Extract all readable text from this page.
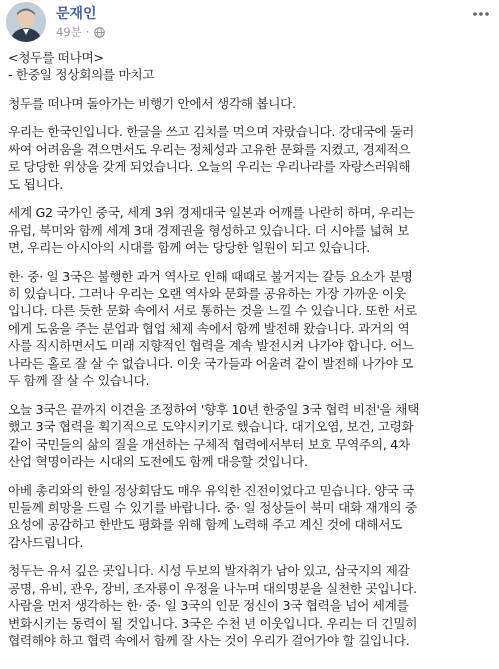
문재인
49분 ·

<청두를 떠나며>
- 한중일 정상회의를 마치고

청두를 떠나며 돌아가는 비행기 안에서 생각해 봅니다.

우리는 한국인입니다. 한글을 쓰고 김치를 먹으며 자랐습니다. 강대국에 둘러
싸여 어려움을 겪으면서도 우리는 정체성과 고유한 문화를 지켰고, 경제적으
로 당당한 위상을 갖게 되었습니다. 오늘의 우리는 우리나라를 자랑스러워해
도 됩니다.

세계 G2 국가인 중국, 세계 3위 경제대국 일본과 어깨를 나란히 하며, 우리는
유럽, 북미와 함께 세계 3대 경제권을 형성하고 있습니다. 더 시야를 넓혀 보
면, 우리는 아시아의 시대를 함께 여는 당당한 일원이 되고 있습니다.

한· 중· 일 3국은 불행한 과거 역사로 인해 때때로 불거지는 갈등 요소가 분명
히 있습니다. 그러나 우리는 오랜 역사와 문화를 공유하는 가장 가까운 이웃
입니다. 다른 듯한 문화 속에서 서로 통하는 것을 느낄 수 있습니다. 또한 서로
에게 도움을 주는 분업과 협업 체제 속에서 함께 발전해 왔습니다. 과거의 역
사를 직시하면서도 미래 지향적인 협력을 계속 발전시켜 나가야 합니다. 어느
나라든 홀로 잘 살 수 없습니다. 이웃 국가들과 어울려 같이 발전해 나가야 모
두 함께 잘 살 수 있습니다.

오늘 3국은 끝까지 이견을 조정하여 '향후 10년 한중일 3국 협력 비전'을 채택
했고 3국 협력을 획기적으로 도약시키기로 했습니다. 대기오염, 보건, 고령화
같이 국민들의 삶의 질을 개선하는 구체적 협력에서부터 보호 무역주의, 4차
산업 혁명이라는 시대의 도전에도 함께 대응할 것입니다.

아베 총리와의 한일 정상회담도 매우 유익한 진전이었다고 믿습니다. 양국 국
민들께 희망을 드릴 수 있기를 바랍니다. 중· 일 정상들이 북미 대화 재개의 중
요성에 공감하고 한반도 평화를 위해 함께 노력해 주고 계신 것에 대해서도
감사드립니다.

청두는 유서 깊은 곳입니다. 시성 두보의 발자취가 남아 있고, 삼국지의 제갈
공명, 유비, 관우, 장비, 조자룡이 우정을 나누며 대의명분을 실천한 곳입니다.
사람을 먼저 생각하는 한· 중· 일 3국의 인문 정신이 3국 협력을 넘어 세계를
변화시키는 동력이 될 것입니다. 3국은 수천 년 이웃입니다. 우리는 더 긴밀히
협력해야 하고 협력 속에서 함께 잘 사는 것이 우리가 걸어가야 할 길입니다.
